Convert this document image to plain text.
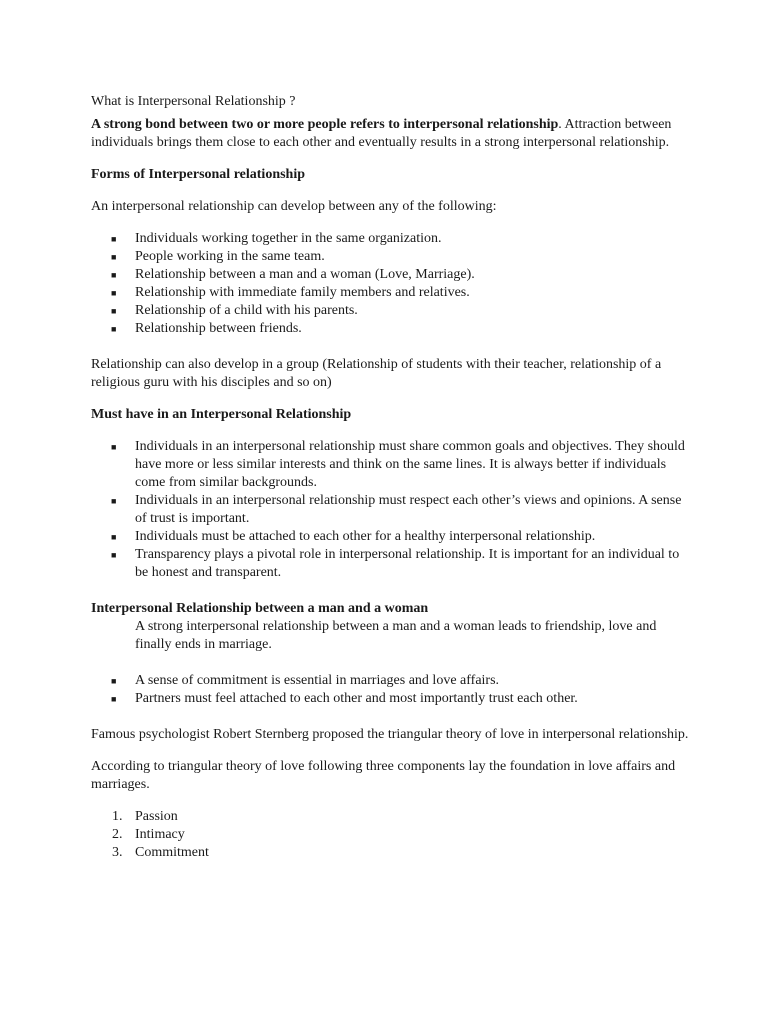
What is Interpersonal Relationship ?

A strong bond between two or more people refers to interpersonal relationship. Attraction between individuals brings them close to each other and eventually results in a strong interpersonal relationship.

Forms of Interpersonal relationship

An interpersonal relationship can develop between any of the following:

■ Individuals working together in the same organization.
■ People working in the same team.
■ Relationship between a man and a woman (Love, Marriage).
■ Relationship with immediate family members and relatives.
■ Relationship of a child with his parents.
■ Relationship between friends.

Relationship can also develop in a group (Relationship of students with their teacher, relationship of a religious guru with his disciples and so on)

Must have in an Interpersonal Relationship

■ Individuals in an interpersonal relationship must share common goals and objectives. They should have more or less similar interests and think on the same lines. It is always better if individuals come from similar backgrounds.
■ Individuals in an interpersonal relationship must respect each other’s views and opinions. A sense of trust is important.
■ Individuals must be attached to each other for a healthy interpersonal relationship.
■ Transparency plays a pivotal role in interpersonal relationship. It is important for an individual to be honest and transparent.

Interpersonal Relationship between a man and a woman

A strong interpersonal relationship between a man and a woman leads to friendship, love and finally ends in marriage.

■ A sense of commitment is essential in marriages and love affairs.
■ Partners must feel attached to each other and most importantly trust each other.

Famous psychologist Robert Sternberg proposed the triangular theory of love in interpersonal relationship.

According to triangular theory of love following three components lay the foundation in love affairs and marriages.

1. Passion
2. Intimacy
3. Commitment
